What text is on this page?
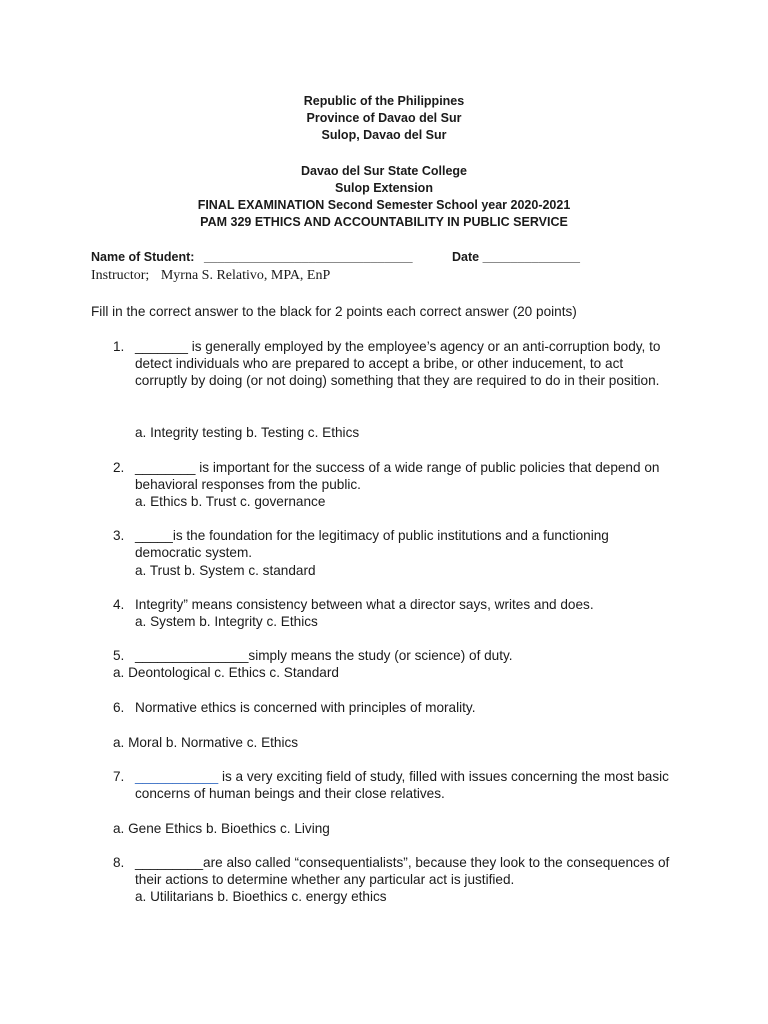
Republic of the Philippines
Province of Davao del Sur
Sulop, Davao del Sur
Davao del Sur State College
Sulop Extension
FINAL EXAMINATION Second Semester School year 2020-2021
PAM 329 ETHICS AND ACCOUNTABILITY IN PUBLIC SERVICE
Name of Student: ______________________________	Date ______________
Instructor; Myrna S. Relativo, MPA, EnP
Fill in the correct answer to the black for 2 points each correct answer (20 points)
1. _______ is generally employed by the employee’s agency or an anti-corruption body, to detect individuals who are prepared to accept a bribe, or other inducement, to act corruptly by doing (or not doing) something that they are required to do in their position.
a. Integrity testing b. Testing c. Ethics
2. ________ is important for the success of a wide range of public policies that depend on behavioral responses from the public.
a. Ethics b. Trust c. governance
3. _____is the foundation for the legitimacy of public institutions and a functioning democratic system.
a. Trust b. System c. standard
4. Integrity” means consistency between what a director says, writes and does.
a. System b. Integrity c. Ethics
5. _______________simply means the study (or science) of duty.
a. Deontological c. Ethics c. Standard
6. Normative ethics is concerned with principles of morality.
a. Moral b. Normative c. Ethics
7. ___________ is a very exciting field of study, filled with issues concerning the most basic concerns of human beings and their close relatives.
a. Gene Ethics b. Bioethics c. Living
8. _________are also called “consequentialists”, because they look to the consequences of their actions to determine whether any particular act is justified.
a. Utilitarians b. Bioethics c. energy ethics
